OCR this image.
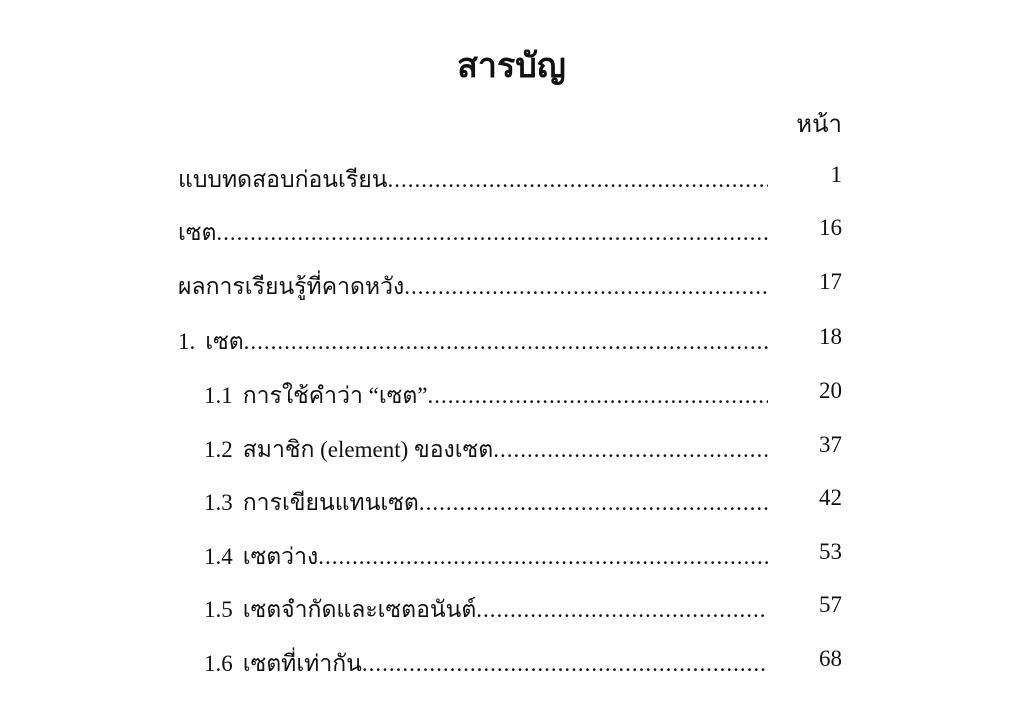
สารบัญ
หน้า
แบบทดสอบก่อนเรียน .....	1
เซต .....	16
ผลการเรียนรู้ที่คาดหวัง .....	17
1. เซต .....	18
1.1 การใช้คำว่า “เซต” .....	20
1.2 สมาชิก (element) ของเซต .....	37
1.3 การเขียนแทนเซต .....	42
1.4 เซตว่าง .....	53
1.5 เซตจำกัดและเซตอนันต์ .....	57
1.6 เซตที่เท่ากัน .....	68
